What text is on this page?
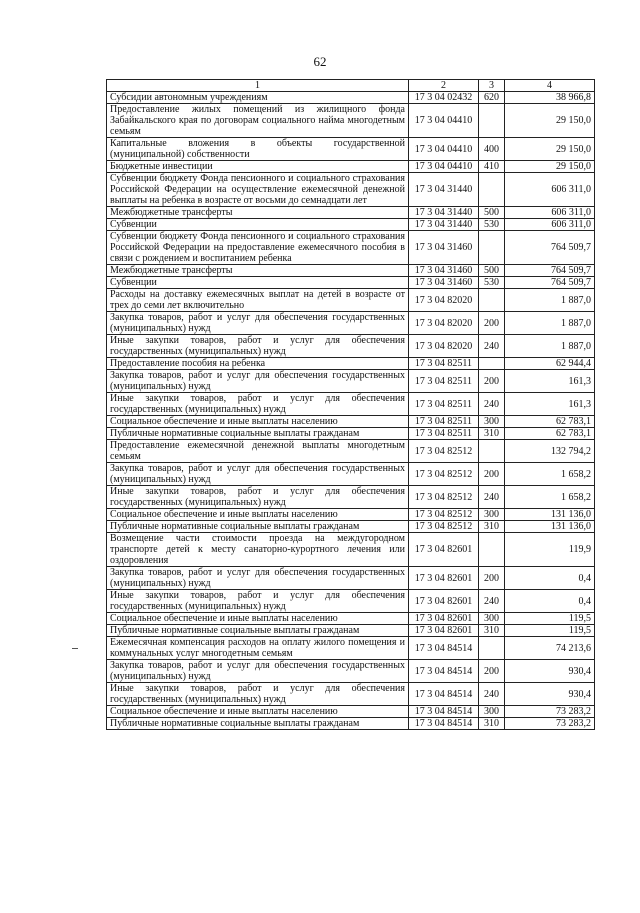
62
1	2	3	4
Субсидии автономным учреждениям	17 3 04 02432	620	38 966,8
Предоставление жилых помещений из жилищного фонда Забайкальского края по договорам социального найма многодетным семьям	17 3 04 04410		29 150,0
Капитальные вложения в объекты государственной (муниципальной) собственности	17 3 04 04410	400	29 150,0
Бюджетные инвестиции	17 3 04 04410	410	29 150,0
Субвенции бюджету Фонда пенсионного и социального страхования Российской Федерации на осуществление ежемесячной денежной выплаты на ребенка в возрасте от восьми до семнадцати лет	17 3 04 31440		606 311,0
Межбюджетные трансферты	17 3 04 31440	500	606 311,0
Субвенции	17 3 04 31440	530	606 311,0
Субвенции бюджету Фонда пенсионного и социального страхования Российской Федерации на предоставление ежемесячного пособия в связи с рождением и воспитанием ребенка	17 3 04 31460		764 509,7
Межбюджетные трансферты	17 3 04 31460	500	764 509,7
Субвенции	17 3 04 31460	530	764 509,7
Расходы на доставку ежемесячных выплат на детей в возрасте от трех до семи лет включительно	17 3 04 82020		1 887,0
Закупка товаров, работ и услуг для обеспечения государственных (муниципальных) нужд	17 3 04 82020	200	1 887,0
Иные закупки товаров, работ и услуг для обеспечения государственных (муниципальных) нужд	17 3 04 82020	240	1 887,0
Предоставление пособия на ребенка	17 3 04 82511		62 944,4
Закупка товаров, работ и услуг для обеспечения государственных (муниципальных) нужд	17 3 04 82511	200	161,3
Иные закупки товаров, работ и услуг для обеспечения государственных (муниципальных) нужд	17 3 04 82511	240	161,3
Социальное обеспечение и иные выплаты населению	17 3 04 82511	300	62 783,1
Публичные нормативные социальные выплаты гражданам	17 3 04 82511	310	62 783,1
Предоставление ежемесячной денежной выплаты многодетным семьям	17 3 04 82512		132 794,2
Закупка товаров, работ и услуг для обеспечения государственных (муниципальных) нужд	17 3 04 82512	200	1 658,2
Иные закупки товаров, работ и услуг для обеспечения государственных (муниципальных) нужд	17 3 04 82512	240	1 658,2
Социальное обеспечение и иные выплаты населению	17 3 04 82512	300	131 136,0
Публичные нормативные социальные выплаты гражданам	17 3 04 82512	310	131 136,0
Возмещение части стоимости проезда на междугородном транспорте детей к месту санаторно-курортного лечения или оздоровления	17 3 04 82601		119,9
Закупка товаров, работ и услуг для обеспечения государственных (муниципальных) нужд	17 3 04 82601	200	0,4
Иные закупки товаров, работ и услуг для обеспечения государственных (муниципальных) нужд	17 3 04 82601	240	0,4
Социальное обеспечение и иные выплаты населению	17 3 04 82601	300	119,5
Публичные нормативные социальные выплаты гражданам	17 3 04 82601	310	119,5
Ежемесячная компенсация расходов на оплату жилого помещения и коммунальных услуг многодетным семьям	17 3 04 84514		74 213,6
Закупка товаров, работ и услуг для обеспечения государственных (муниципальных) нужд	17 3 04 84514	200	930,4
Иные закупки товаров, работ и услуг для обеспечения государственных (муниципальных) нужд	17 3 04 84514	240	930,4
Социальное обеспечение и иные выплаты населению	17 3 04 84514	300	73 283,2
Публичные нормативные социальные выплаты гражданам	17 3 04 84514	310	73 283,2
